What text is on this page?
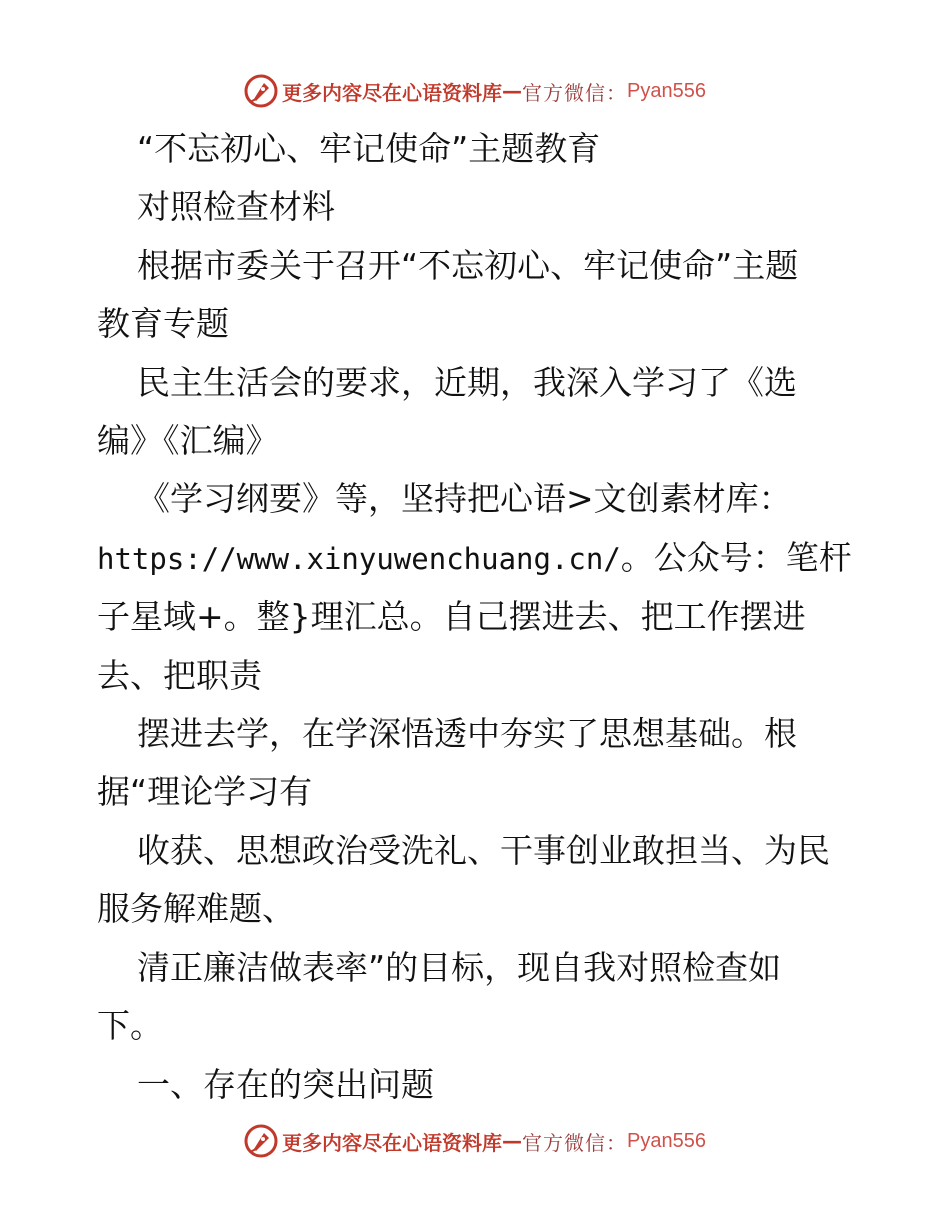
更多内容尽在心语资料库 — 官方微信： Pyan556

“不忘初心、牢记使命”主题教育

对照检查材料

根据市委关于召开“不忘初心、牢记使命”主题

教育专题

民主生活会的要求，近期，我深入学习了《选

编》《汇编》

《学习纲要》等，坚持把心语>文创素材库：

https://www.xinyuwenchuang.cn/。公众号：笔杆

子星域+。整}理汇总。自己摆进去、把工作摆进

去、把职责

摆进去学，在学深悟透中夯实了思想基础。根

据“理论学习有

收获、思想政治受洗礼、干事创业敢担当、为民

服务解难题、

清正廉洁做表率”的目标，现自我对照检查如

下。

一、存在的突出问题

更多内容尽在心语资料库 — 官方微信： Pyan556
